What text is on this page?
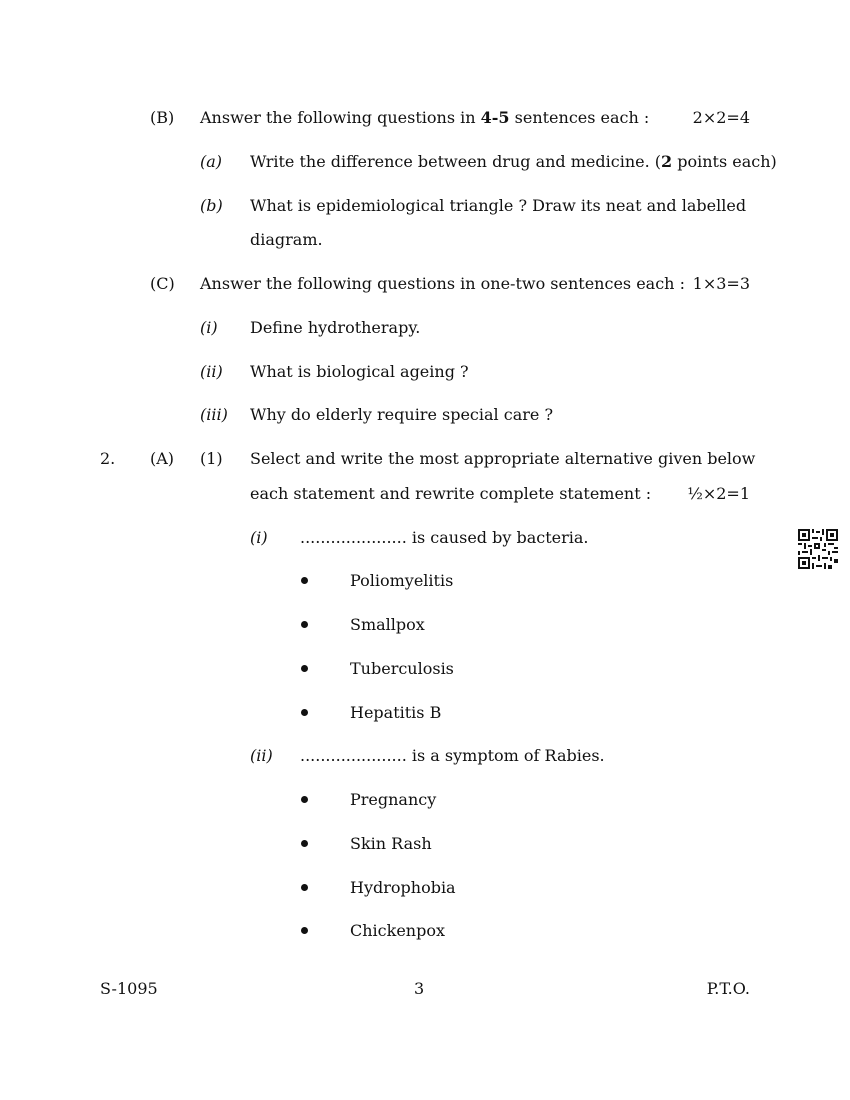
(B) Answer the following questions in 4-5 sentences each :	2×2=4
(a) Write the difference between drug and medicine. (2 points each)
(b) What is epidemiological triangle ? Draw its neat and labelled
diagram.
(C) Answer the following questions in one-two sentences each : 1×3=3
(i) Define hydrotherapy.
(ii) What is biological ageing ?
(iii) Why do elderly require special care ?
2. (A) (1) Select and write the most appropriate alternative given below
each statement and rewrite complete statement : ½×2=1
(i) ..................... is caused by bacteria.
Poliomyelitis
Smallpox
Tuberculosis
Hepatitis B
(ii) ..................... is a symptom of Rabies.
Pregnancy
Skin Rash
Hydrophobia
Chickenpox
S-1095	3	P.T.O.
